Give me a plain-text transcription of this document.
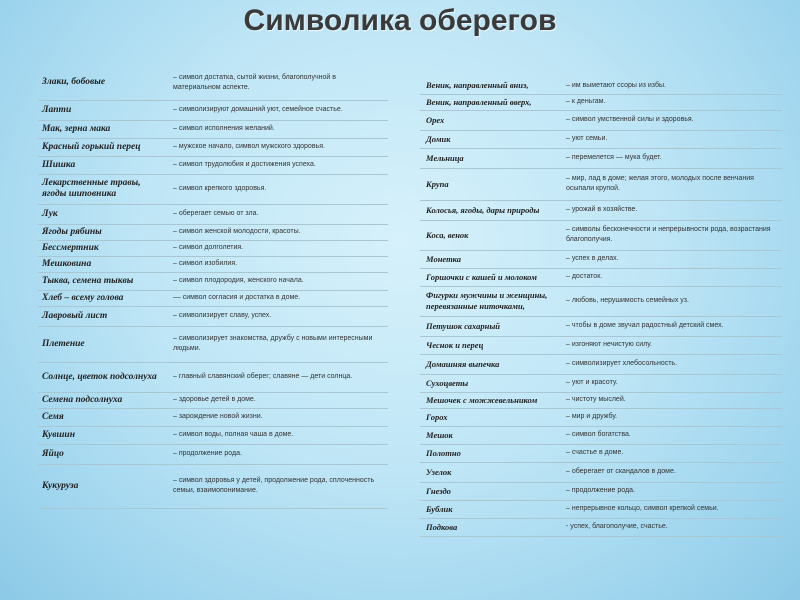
Символика оберегов
Злаки, бобовые	– символ достатка, сытой жизни, благополучной в материальном аспекте.
Лапти	– символизируют домашний уют, семейное счастье.
Мак, зерна мака	– символ исполнения желаний.
Красный горький перец	– мужское начало, символ мужского здоровья.
Шишка	– символ трудолюбия и достижения успеха.
Лекарственные травы, ягоды шиповника	– символ крепкого здоровья.
Лук	– оберегает семью от зла.
Ягоды рябины	– символ женской молодости, красоты.
Бессмертник	– символ долголетия.
Мешковина	– символ изобилия.
Тыква, семена тыквы	– символ плодородия, женского начала.
Хлеб – всему голова	–– символ согласия и достатка в доме.
Лавровый лист	– символизирует славу, успех.
Плетение	– символизирует знакомства, дружбу с новыми интересными людьми.
Солнце, цветок подсолнуха	– главный славянский оберег; славянe — дети солнца.
Семена подсолнуха	– здоровье детей в доме.
Семя	– зарождение новой жизни.
Кувшин	– символ воды, полная чаша в доме.
Яйцо	– продолжение рода.
Кукуруза	– символ здоровья у детей, продолжение рода, сплоченность семьи, взаимопонимание.
Веник, направленный вниз,	– им выметают ссоры из избы.
Веник, направленный вверх,	– к деньгам.
Орех	– символ умственной силы и здоровья.
Домик	– уют семьи.
Мельница	– перемелется — мука будет.
Крупа	– мир, лад в доме; желая этого, молодых после венчания осыпали крупой.
Колосья, ягоды, дары природы	– урожай в хозяйстве.
Коса, венок	– символы бесконечности и непрерывности рода, возрастания благополучия.
Монетка	– успех в делах.
Горшочки с кашей и молоком	– достаток.
Фигурки мужчины и женщины, перевязанные ниточками,	– любовь, нерушимость семейных уз.
Петушок сахарный	– чтобы в доме звучал радостный детский смех.
Чеснок и перец	– изгоняют нечистую силу.
Домашняя выпечка	– символизирует хлебосольность.
Сухоцветы	– уют и красоту.
Мешочек с можжевельником	– чистоту мыслей.
Горох	– мир и дружбу.
Мешок	– символ богатства.
Полотно	– счастье в доме.
Узелок	– оберегает от скандалов в доме.
Гнездо	– продолжение рода.
Бублик	– непрерывное кольцо, символ крепкой семьи.
Подкова	- успех, благополучие, счастье.
